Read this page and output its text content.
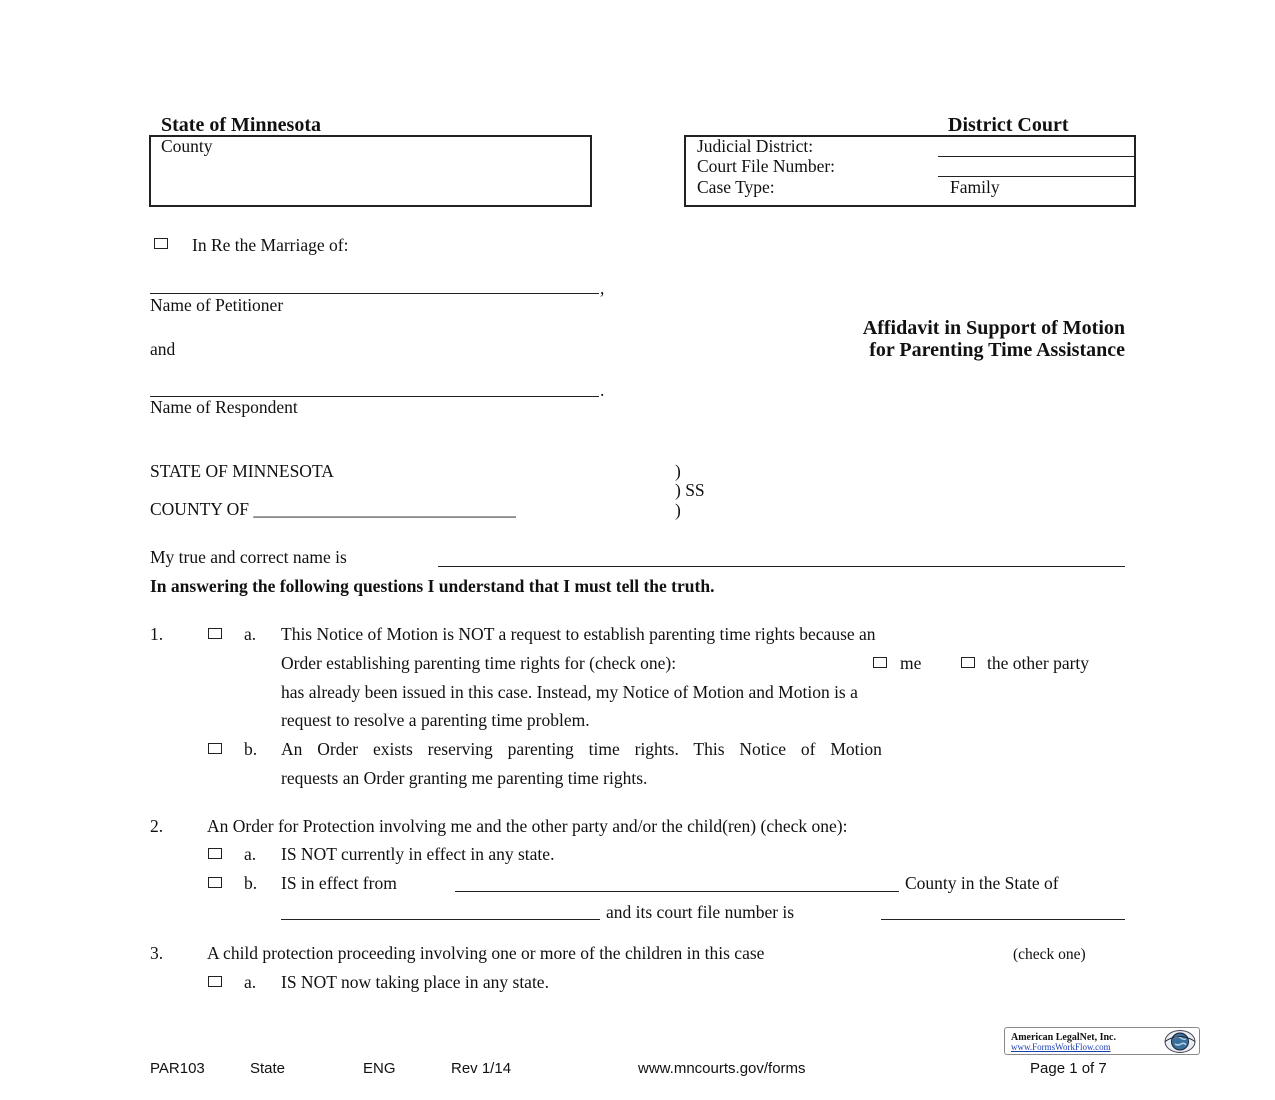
State of Minnesota	District Court
County	Judicial District:
Court File Number:
Case Type:	Family
In Re the Marriage of:
,
Name of Petitioner
and
.
Name of Respondent
Affidavit in Support of Motion
for Parenting Time Assistance
STATE OF MINNESOTA
COUNTY OF ______________________________
)
) SS
)
My true and correct name is
In answering the following questions I understand that I must tell the truth.
1.	a. This Notice of Motion is NOT a request to establish parenting time rights because an
Order establishing parenting time rights for (check one):	me	the other party
has already been issued in this case. Instead, my Notice of Motion and Motion is a
request to resolve a parenting time problem.
b. An Order exists reserving parenting time rights. This Notice of Motion
requests an Order granting me parenting time rights.
2.	An Order for Protection involving me and the other party and/or the child(ren) (check one):
a. IS NOT currently in effect in any state.
b. IS in effect from	County in the State of
and its court file number is
3.	A child protection proceeding involving one or more of the children in this case	(check one)
a. IS NOT now taking place in any state.
American LegalNet, Inc.
www.FormsWorkFlow.com
PAR103	State	ENG	Rev 1/14	www.mncourts.gov/forms	Page 1 of 7
